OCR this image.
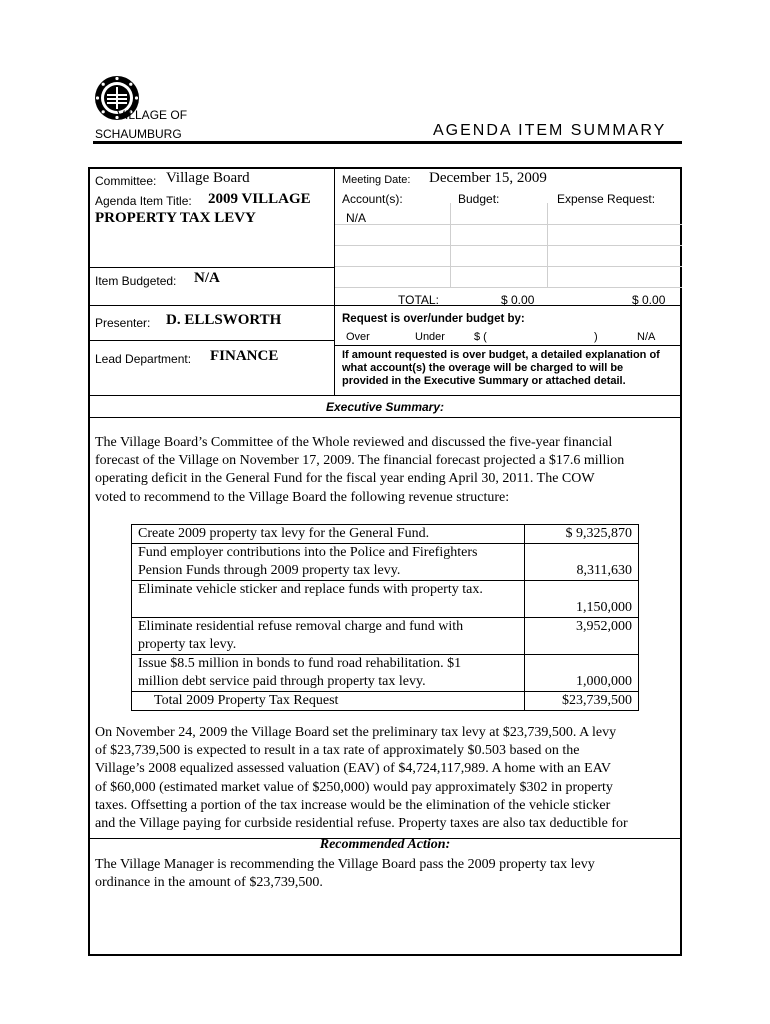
VILLAGE OF
SCHAUMBURG	AGENDA ITEM SUMMARY
Committee: Village Board	Meeting Date: December 15, 2009
Agenda Item Title: 2009 VILLAGE
PROPERTY TAX LEVY
Account(s):	Budget:	Expense Request:
N/A
Item Budgeted: N/A
TOTAL:	$ 0.00	$ 0.00
Presenter: D. ELLSWORTH	Request is over/under budget by:
Over	Under	$ (	)	N/A
Lead Department: FINANCE	If amount requested is over budget, a detailed explanation of
what account(s) the overage will be charged to will be
provided in the Executive Summary or attached detail.
Executive Summary:
The Village Board’s Committee of the Whole reviewed and discussed the five-year financial
forecast of the Village on November 17, 2009. The financial forecast projected a $17.6 million
operating deficit in the General Fund for the fiscal year ending April 30, 2011. The COW
voted to recommend to the Village Board the following revenue structure:
Create 2009 property tax levy for the General Fund.	$ 9,325,870

Fund employer contributions into the Police and Firefighters
Pension Funds through 2009 property tax levy.	8,311,630

Eliminate vehicle sticker and replace funds with property tax.	1,150,000

Eliminate residential refuse removal charge and fund with
property tax levy.	3,952,000

Issue $8.5 million in bonds to fund road rehabilitation. $1
million debt service paid through property tax levy.	1,000,000

Total 2009 Property Tax Request	$23,739,500
On November 24, 2009 the Village Board set the preliminary tax levy at $23,739,500. A levy
of $23,739,500 is expected to result in a tax rate of approximately $0.503 based on the
Village’s 2008 equalized assessed valuation (EAV) of $4,724,117,989. A home with an EAV
of $60,000 (estimated market value of $250,000) would pay approximately $302 in property
taxes. Offsetting a portion of the tax increase would be the elimination of the vehicle sticker
and the Village paying for curbside residential refuse. Property taxes are also tax deductible for
Recommended Action:
The Village Manager is recommending the Village Board pass the 2009 property tax levy
ordinance in the amount of $23,739,500.
